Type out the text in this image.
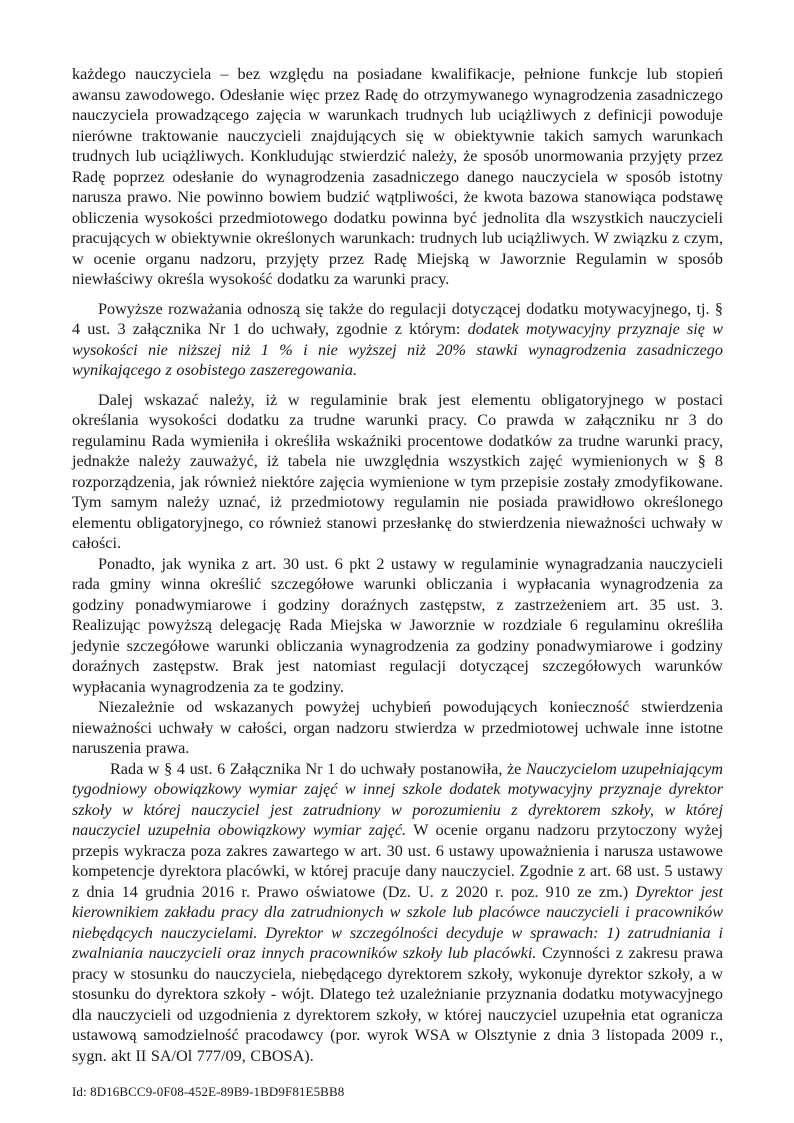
każdego nauczyciela – bez względu na posiadane kwalifikacje, pełnione funkcje lub stopień awansu zawodowego. Odesłanie więc przez Radę do otrzymywanego wynagrodzenia zasadniczego nauczyciela prowadzącego zajęcia w warunkach trudnych lub uciążliwych z definicji powoduje nierówne traktowanie nauczycieli znajdujących się w obiektywnie takich samych warunkach trudnych lub uciążliwych. Konkludując stwierdzić należy, że sposób unormowania przyjęty przez Radę poprzez odesłanie do wynagrodzenia zasadniczego danego nauczyciela w sposób istotny narusza prawo. Nie powinno bowiem budzić wątpliwości, że kwota bazowa stanowiąca podstawę obliczenia wysokości przedmiotowego dodatku powinna być jednolita dla wszystkich nauczycieli pracujących w obiektywnie określonych warunkach: trudnych lub uciążliwych. W związku z czym, w ocenie organu nadzoru, przyjęty przez Radę Miejską w Jaworznie Regulamin w sposób niewłaściwy określa wysokość dodatku za warunki pracy.

Powyższe rozważania odnoszą się także do regulacji dotyczącej dodatku motywacyjnego, tj. § 4 ust. 3 załącznika Nr 1 do uchwały, zgodnie z którym: dodatek motywacyjny przyznaje się w wysokości nie niższej niż 1 % i nie wyższej niż 20% stawki wynagrodzenia zasadniczego wynikającego z osobistego zaszeregowania.

Dalej wskazać należy, iż w regulaminie brak jest elementu obligatoryjnego w postaci określania wysokości dodatku za trudne warunki pracy. Co prawda w załączniku nr 3 do regulaminu Rada wymieniła i określiła wskaźniki procentowe dodatków za trudne warunki pracy, jednakże należy zauważyć, iż tabela nie uwzględnia wszystkich zajęć wymienionych w § 8 rozporządzenia, jak również niektóre zajęcia wymienione w tym przepisie zostały zmodyfikowane. Tym samym należy uznać, iż przedmiotowy regulamin nie posiada prawidłowo określonego elementu obligatoryjnego, co również stanowi przesłankę do stwierdzenia nieważności uchwały w całości.

Ponadto, jak wynika z art. 30 ust. 6 pkt 2 ustawy w regulaminie wynagradzania nauczycieli rada gminy winna określić szczegółowe warunki obliczania i wypłacania wynagrodzenia za godziny ponadwymiarowe i godziny doraźnych zastępstw, z zastrzeżeniem art. 35 ust. 3. Realizując powyższą delegację Rada Miejska w Jaworznie w rozdziale 6 regulaminu określiła jedynie szczegółowe warunki obliczania wynagrodzenia za godziny ponadwymiarowe i godziny doraźnych zastępstw. Brak jest natomiast regulacji dotyczącej szczegółowych warunków wypłacania wynagrodzenia za te godziny.

Niezależnie od wskazanych powyżej uchybień powodujących konieczność stwierdzenia nieważności uchwały w całości, organ nadzoru stwierdza w przedmiotowej uchwale inne istotne naruszenia prawa.

Rada w § 4 ust. 6 Załącznika Nr 1 do uchwały postanowiła, że Nauczycielom uzupełniającym tygodniowy obowiązkowy wymiar zajęć w innej szkole dodatek motywacyjny przyznaje dyrektor szkoły w której nauczyciel jest zatrudniony w porozumieniu z dyrektorem szkoły, w której nauczyciel uzupełnia obowiązkowy wymiar zajęć. W ocenie organu nadzoru przytoczony wyżej przepis wykracza poza zakres zawartego w art. 30 ust. 6 ustawy upoważnienia i narusza ustawowe kompetencje dyrektora placówki, w której pracuje dany nauczyciel. Zgodnie z art. 68 ust. 5 ustawy z dnia 14 grudnia 2016 r. Prawo oświatowe (Dz. U. z 2020 r. poz. 910 ze zm.) Dyrektor jest kierownikiem zakładu pracy dla zatrudnionych w szkole lub placówce nauczycieli i pracowników niebędących nauczycielami. Dyrektor w szczególności decyduje w sprawach: 1) zatrudniania i zwalniania nauczycieli oraz innych pracowników szkoły lub placówki. Czynności z zakresu prawa pracy w stosunku do nauczyciela, niebędącego dyrektorem szkoły, wykonuje dyrektor szkoły, a w stosunku do dyrektora szkoły - wójt. Dlatego też uzależnianie przyznania dodatku motywacyjnego dla nauczycieli od uzgodnienia z dyrektorem szkoły, w której nauczyciel uzupełnia etat ogranicza ustawową samodzielność pracodawcy (por. wyrok WSA w Olsztynie z dnia 3 listopada 2009 r., sygn. akt II SA/Ol 777/09, CBOSA).

Id: 8D16BCC9-0F08-452E-89B9-1BD9F81E5BB8
